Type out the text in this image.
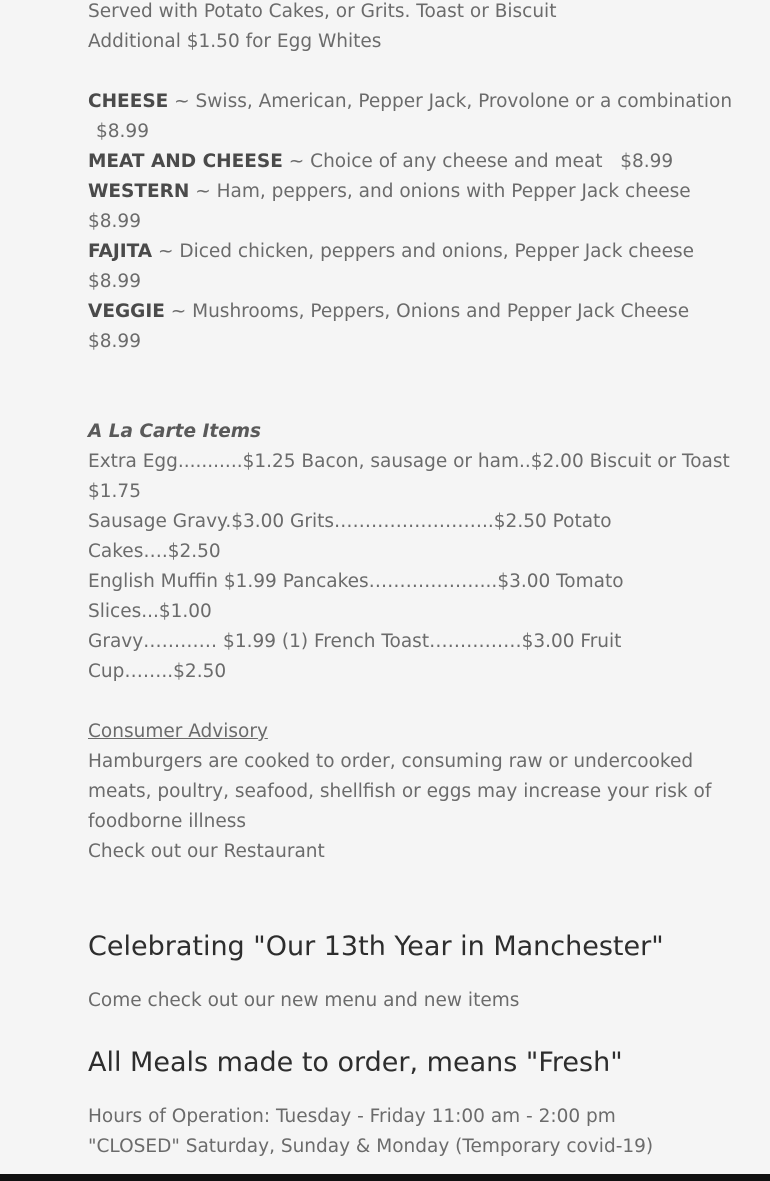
Served with Potato Cakes, or Grits. Toast or Biscuit

Additional $1.50 for Egg Whites

CHEESE ~ Swiss, American, Pepper Jack, Provolone or a combination

$8.99

MEAT AND CHEESE ~ Choice of any cheese and meat $8.99

WESTERN ~ Ham, peppers, and onions with Pepper Jack cheese

$8.99

FAJITA ~ Diced chicken, peppers and onions, Pepper Jack cheese

$8.99

VEGGIE ~ Mushrooms, Peppers, Onions and Pepper Jack Cheese

$8.99

A La Carte Items

Extra Egg...........$1.25 Bacon, sausage or ham..$2.00 Biscuit or Toast

$1.75

Sausage Gravy.$3.00 Grits……………………..$2.50 Potato

Cakes….$2.50

English Muffin $1.99 Pancakes………………...$3.00 Tomato

Slices...$1.00

Gravy………… $1.99 (1) French Toast……………$3.00 Fruit

Cup……..$2.50

Consumer Advisory

Hamburgers are cooked to order, consuming raw or undercooked

meats, poultry, seafood, shellfish or eggs may increase your risk of

foodborne illness

Check out our Restaurant

Celebrating "Our 13th Year in Manchester"

Come check out our new menu and new items

All Meals made to order, means "Fresh"

Hours of Operation: Tuesday - Friday 11:00 am - 2:00 pm

"CLOSED" Saturday, Sunday & Monday (Temporary covid-19)
